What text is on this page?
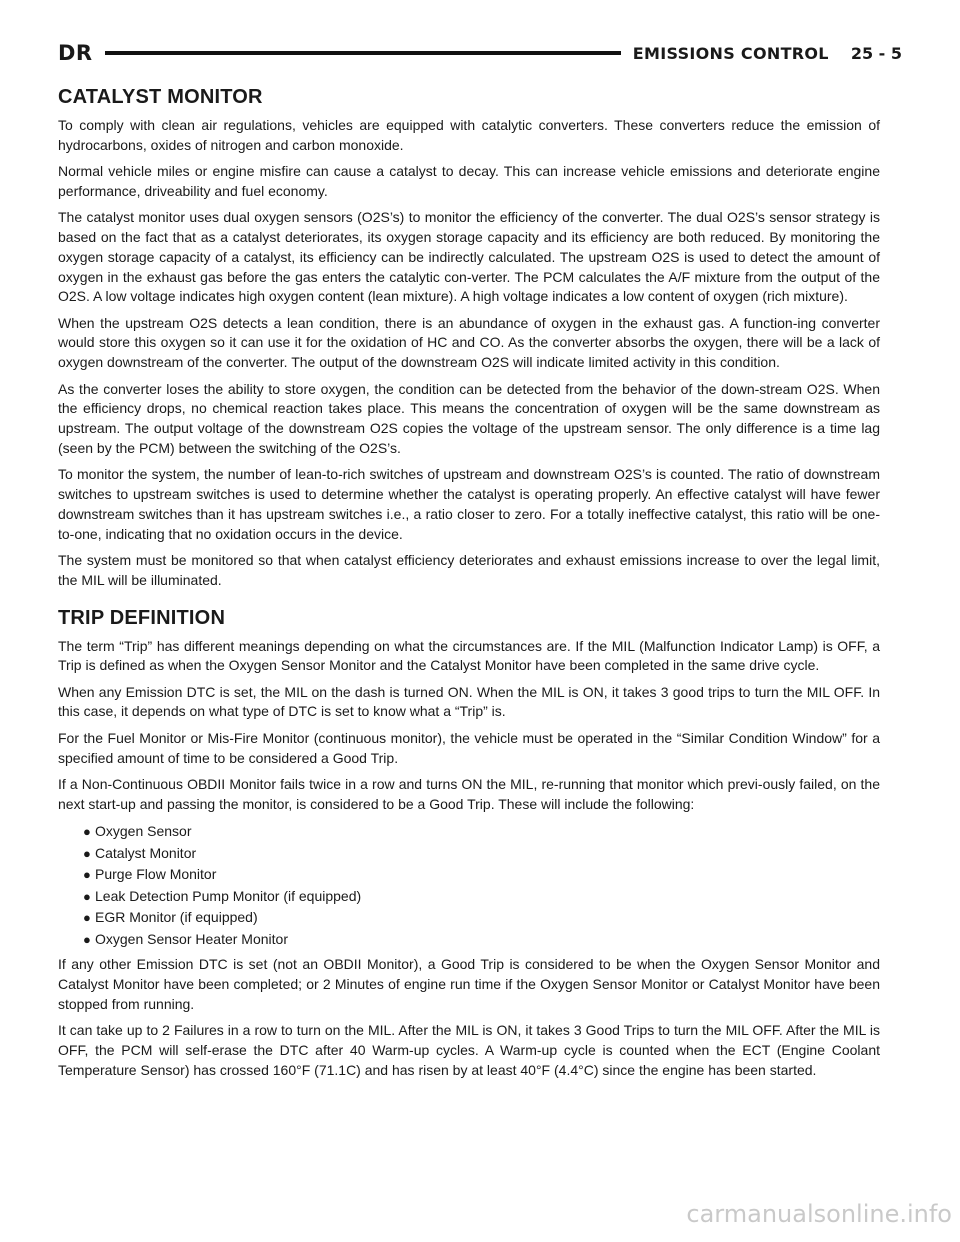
DR	EMISSIONS CONTROL 25 - 5
CATALYST MONITOR

To comply with clean air regulations, vehicles are equipped with catalytic converters. These converters reduce the emission of hydrocarbons, oxides of nitrogen and carbon monoxide.

Normal vehicle miles or engine misfire can cause a catalyst to decay. This can increase vehicle emissions and deteriorate engine performance, driveability and fuel economy.

The catalyst monitor uses dual oxygen sensors (O2S’s) to monitor the efficiency of the converter. The dual O2S’s sensor strategy is based on the fact that as a catalyst deteriorates, its oxygen storage capacity and its efficiency are both reduced. By monitoring the oxygen storage capacity of a catalyst, its efficiency can be indirectly calculated. The upstream O2S is used to detect the amount of oxygen in the exhaust gas before the gas enters the catalytic con-verter. The PCM calculates the A/F mixture from the output of the O2S. A low voltage indicates high oxygen content (lean mixture). A high voltage indicates a low content of oxygen (rich mixture).

When the upstream O2S detects a lean condition, there is an abundance of oxygen in the exhaust gas. A function-ing converter would store this oxygen so it can use it for the oxidation of HC and CO. As the converter absorbs the oxygen, there will be a lack of oxygen downstream of the converter. The output of the downstream O2S will indicate limited activity in this condition.

As the converter loses the ability to store oxygen, the condition can be detected from the behavior of the down-stream O2S. When the efficiency drops, no chemical reaction takes place. This means the concentration of oxygen will be the same downstream as upstream. The output voltage of the downstream O2S copies the voltage of the upstream sensor. The only difference is a time lag (seen by the PCM) between the switching of the O2S’s.

To monitor the system, the number of lean-to-rich switches of upstream and downstream O2S’s is counted. The ratio of downstream switches to upstream switches is used to determine whether the catalyst is operating properly. An effective catalyst will have fewer downstream switches than it has upstream switches i.e., a ratio closer to zero. For a totally ineffective catalyst, this ratio will be one-to-one, indicating that no oxidation occurs in the device.

The system must be monitored so that when catalyst efficiency deteriorates and exhaust emissions increase to over the legal limit, the MIL will be illuminated.

TRIP DEFINITION

The term “Trip” has different meanings depending on what the circumstances are. If the MIL (Malfunction Indicator Lamp) is OFF, a Trip is defined as when the Oxygen Sensor Monitor and the Catalyst Monitor have been completed in the same drive cycle.

When any Emission DTC is set, the MIL on the dash is turned ON. When the MIL is ON, it takes 3 good trips to turn the MIL OFF. In this case, it depends on what type of DTC is set to know what a “Trip” is.

For the Fuel Monitor or Mis-Fire Monitor (continuous monitor), the vehicle must be operated in the “Similar Condition Window” for a specified amount of time to be considered a Good Trip.

If a Non-Continuous OBDII Monitor fails twice in a row and turns ON the MIL, re-running that monitor which previ-ously failed, on the next start-up and passing the monitor, is considered to be a Good Trip. These will include the following:

● Oxygen Sensor
● Catalyst Monitor
● Purge Flow Monitor
● Leak Detection Pump Monitor (if equipped)
● EGR Monitor (if equipped)
● Oxygen Sensor Heater Monitor

If any other Emission DTC is set (not an OBDII Monitor), a Good Trip is considered to be when the Oxygen Sensor Monitor and Catalyst Monitor have been completed; or 2 Minutes of engine run time if the Oxygen Sensor Monitor or Catalyst Monitor have been stopped from running.

It can take up to 2 Failures in a row to turn on the MIL. After the MIL is ON, it takes 3 Good Trips to turn the MIL OFF. After the MIL is OFF, the PCM will self-erase the DTC after 40 Warm-up cycles. A Warm-up cycle is counted when the ECT (Engine Coolant Temperature Sensor) has crossed 160°F (71.1C) and has risen by at least 40°F (4.4°C) since the engine has been started.

carmanualsonline.info
